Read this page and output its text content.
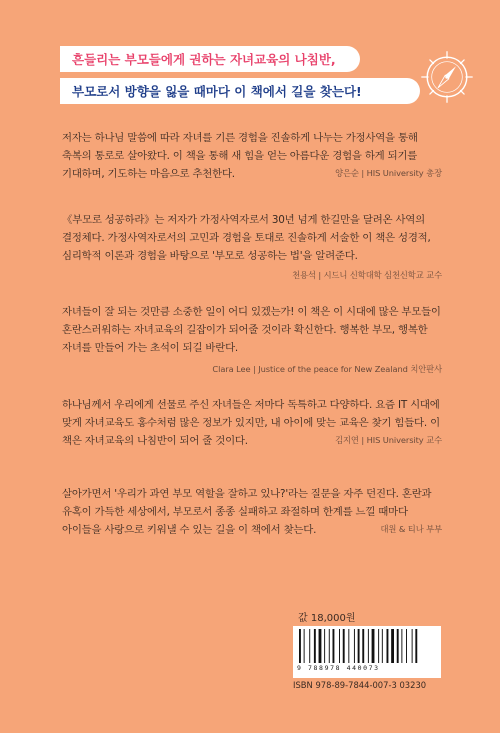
흔들리는 부모들에게 권하는 자녀교육의 나침반,
부모로서 방향을 잃을 때마다 이 책에서 길을 찾는다!

저자는 하나님 말씀에 따라 자녀를 기른 경험을 진솔하게 나누는 가정사역을 통해 축복의 통로로 살아왔다. 이 책을 통해 새 힘을 얻는 아름다운 경험을 하게 되기를 기대하며, 기도하는 마음으로 추천한다.	양은순 | HIS University 총장

《부모로 성공하라》는 저자가 가정사역자로서 30년 넘게 한길만을 달려온 사역의 결정체다. 가정사역자로서의 고민과 경험을 토대로 진솔하게 서술한 이 책은 성경적, 심리학적 이론과 경험을 바탕으로 '부모로 성공하는 법'을 알려준다.

천용석 | 시드니 신학대학 심천신학교 교수

자녀들이 잘 되는 것만큼 소중한 일이 어디 있겠는가! 이 책은 이 시대에 많은 부모들이 혼란스러워하는 자녀교육의 길잡이가 되어줄 것이라 확신한다. 행복한 부모, 행복한 자녀를 만들어 가는 초석이 되길 바란다.

Clara Lee | Justice of the peace for New Zealand 치안판사

하나님께서 우리에게 선물로 주신 자녀들은 저마다 독특하고 다양하다. 요즘 IT 시대에 맞게 자녀교육도 홍수처럼 많은 정보가 있지만, 내 아이에 맞는 교육은 찾기 힘들다. 이 책은 자녀교육의 나침반이 되어 줄 것이다.	김지연 | HIS University 교수

살아가면서 '우리가 과연 부모 역할을 잘하고 있나?'라는 질문을 자주 던진다. 혼란과 유혹이 가득한 세상에서, 부모로서 종종 실패하고 좌절하며 한계를 느낄 때마다 아이들을 사랑으로 키워낼 수 있는 길을 이 책에서 찾는다.	대원 & 티나 부부
값 18,000원
9 788978 440073
ISBN 978-89-7844-007-3 03230
